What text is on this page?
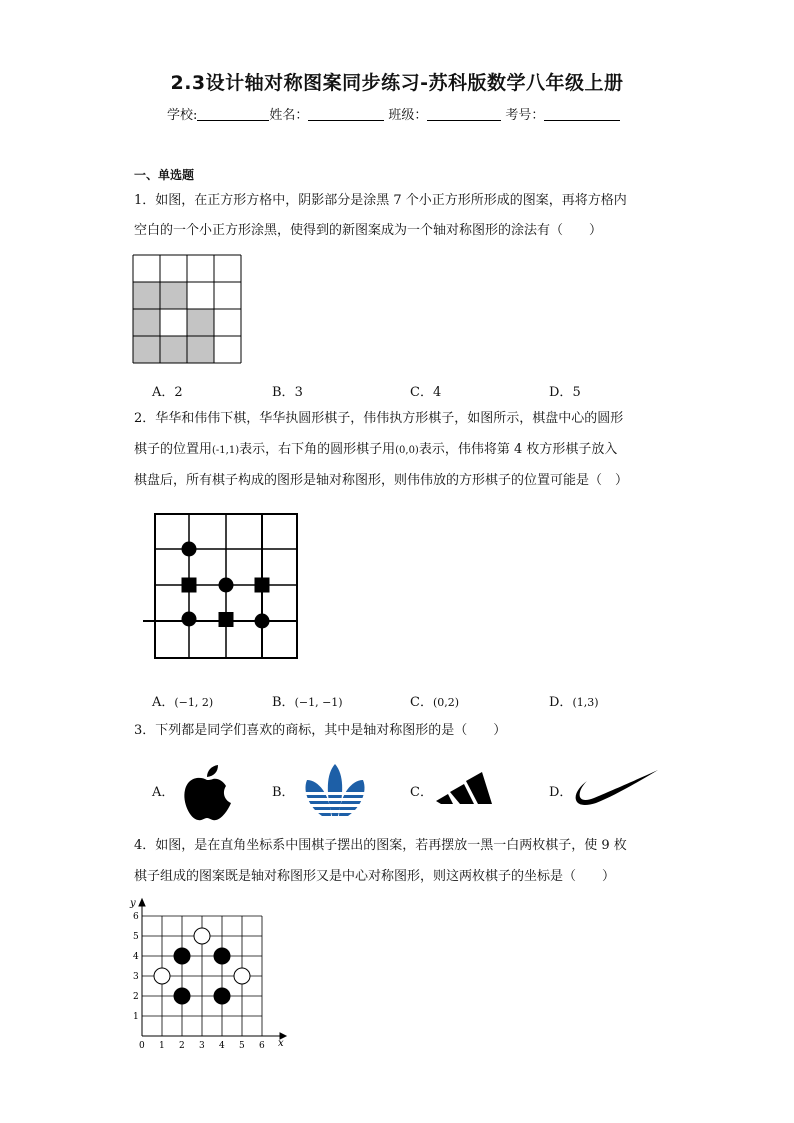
2.3设计轴对称图案同步练习-苏科版数学八年级上册
学校:	姓名：	班级：	考号：
一、单选题
1．如图，在正方形方格中，阴影部分是涂黑 7 个小正方形所形成的图案，再将方格内
空白的一个小正方形涂黑，使得到的新图案成为一个轴对称图形的涂法有（　　）
A．2	B．3	C．4	D．5
2．华华和伟伟下棋，华华执圆形棋子，伟伟执方形棋子，如图所示，棋盘中心的圆形
棋子的位置用(-1,1)表示，右下角的圆形棋子用(0,0)表示，伟伟将第 4 枚方形棋子放入
棋盘后，所有棋子构成的图形是轴对称图形，则伟伟放的方形棋子的位置可能是（　）
A．(−1, 2)	B．(−1, −1)	C．(0,2)	D．(1,3)
3．下列都是同学们喜欢的商标，其中是轴对称图形的是（　　）
A．	B．	C．	D．
4．如图，是在直角坐标系中围棋子摆出的图案，若再摆放一黑一白两枚棋子，使 9 枚
棋子组成的图案既是轴对称图形又是中心对称图形，则这两枚棋子的坐标是（　　）
x
y
0 1 2 3 4 5 6
1
2
3
4
5
6
